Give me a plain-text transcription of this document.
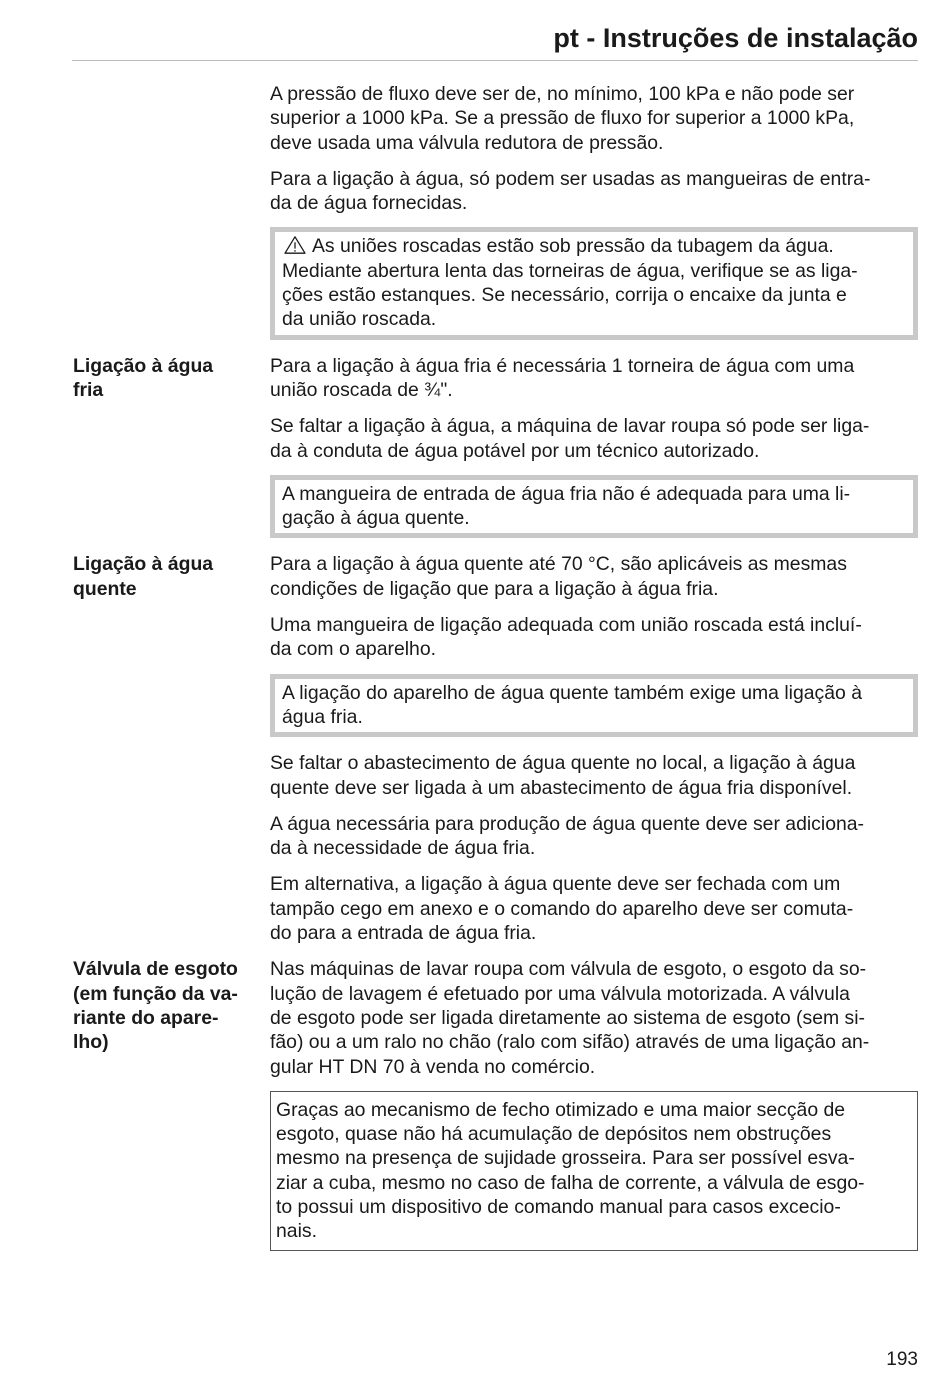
pt - Instruções de instalação

A pressão de fluxo deve ser de, no mínimo, 100 kPa e não pode ser
superior a 1000 kPa. Se a pressão de fluxo for superior a 1000 kPa,
deve usada uma válvula redutora de pressão.

Para a ligação à água, só podem ser usadas as mangueiras de entra-
da de água fornecidas.

As uniões roscadas estão sob pressão da tubagem da água.
Mediante abertura lenta das torneiras de água, verifique se as liga-
ções estão estanques. Se necessário, corrija o encaixe da junta e
da união roscada.
Ligação à água
fria

Para a ligação à água fria é necessária 1 torneira de água com uma
união roscada de ¾".

Se faltar a ligação à água, a máquina de lavar roupa só pode ser liga-
da à conduta de água potável por um técnico autorizado.

A mangueira de entrada de água fria não é adequada para uma li-
gação à água quente.
Ligação à água
quente

Para a ligação à água quente até 70 °C, são aplicáveis as mesmas
condições de ligação que para a ligação à água fria.

Uma mangueira de ligação adequada com união roscada está incluí-
da com o aparelho.

A ligação do aparelho de água quente também exige uma ligação à
água fria.

Se faltar o abastecimento de água quente no local, a ligação à água
quente deve ser ligada à um abastecimento de água fria disponível.

A água necessária para produção de água quente deve ser adiciona-
da à necessidade de água fria.

Em alternativa, a ligação à água quente deve ser fechada com um
tampão cego em anexo e o comando do aparelho deve ser comuta-
do para a entrada de água fria.

Válvula de esgoto
(em função da va-
riante do apare-
lho)

Nas máquinas de lavar roupa com válvula de esgoto, o esgoto da so-
lução de lavagem é efetuado por uma válvula motorizada. A válvula
de esgoto pode ser ligada diretamente ao sistema de esgoto (sem si-
fão) ou a um ralo no chão (ralo com sifão) através de uma ligação an-
gular HT DN 70 à venda no comércio.

Graças ao mecanismo de fecho otimizado e uma maior secção de
esgoto, quase não há acumulação de depósitos nem obstruções
mesmo na presença de sujidade grosseira. Para ser possível esva-
ziar a cuba, mesmo no caso de falha de corrente, a válvula de esgo-
to possui um dispositivo de comando manual para casos excecio-
nais.
193
